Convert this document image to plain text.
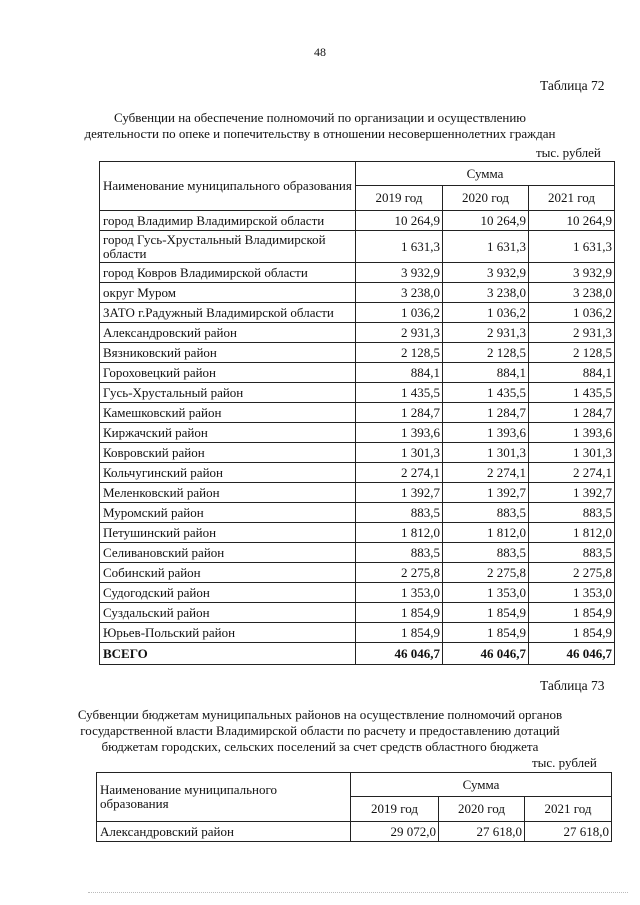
48
Таблица 72
Субвенции на обеспечение полномочий по организации и осуществлению
деятельности по опеке и попечительству в отношении несовершеннолетних граждан
тыс. рублей
Наименование муниципального образования	Сумма		
	2019 год	2020 год	2021 год
город Владимир Владимирской области	10 264,9	10 264,9	10 264,9
город Гусь-Хрустальный Владимирской области	1 631,3	1 631,3	1 631,3
город Ковров Владимирской области	3 932,9	3 932,9	3 932,9
округ Муром	3 238,0	3 238,0	3 238,0
ЗАТО г.Радужный Владимирской области	1 036,2	1 036,2	1 036,2
Александровский район	2 931,3	2 931,3	2 931,3
Вязниковский район	2 128,5	2 128,5	2 128,5
Гороховецкий район	884,1	884,1	884,1
Гусь-Хрустальный район	1 435,5	1 435,5	1 435,5
Камешковский район	1 284,7	1 284,7	1 284,7
Киржачский район	1 393,6	1 393,6	1 393,6
Ковровский район	1 301,3	1 301,3	1 301,3
Кольчугинский район	2 274,1	2 274,1	2 274,1
Меленковский район	1 392,7	1 392,7	1 392,7
Муромский район	883,5	883,5	883,5
Петушинский район	1 812,0	1 812,0	1 812,0
Селивановский район	883,5	883,5	883,5
Собинский район	2 275,8	2 275,8	2 275,8
Судогодский район	1 353,0	1 353,0	1 353,0
Суздальский район	1 854,9	1 854,9	1 854,9
Юрьев-Польский район	1 854,9	1 854,9	1 854,9
ВСЕГО	46 046,7	46 046,7	46 046,7
Таблица 73
Субвенции бюджетам муниципальных районов на осуществление полномочий органов
государственной власти Владимирской области по расчету и предоставлению дотаций
бюджетам городских, сельских поселений за счет средств областного бюджета
тыс. рублей
Наименование муниципального образования	Сумма		
	2019 год	2020 год	2021 год
Александровский район	29 072,0	27 618,0	27 618,0
